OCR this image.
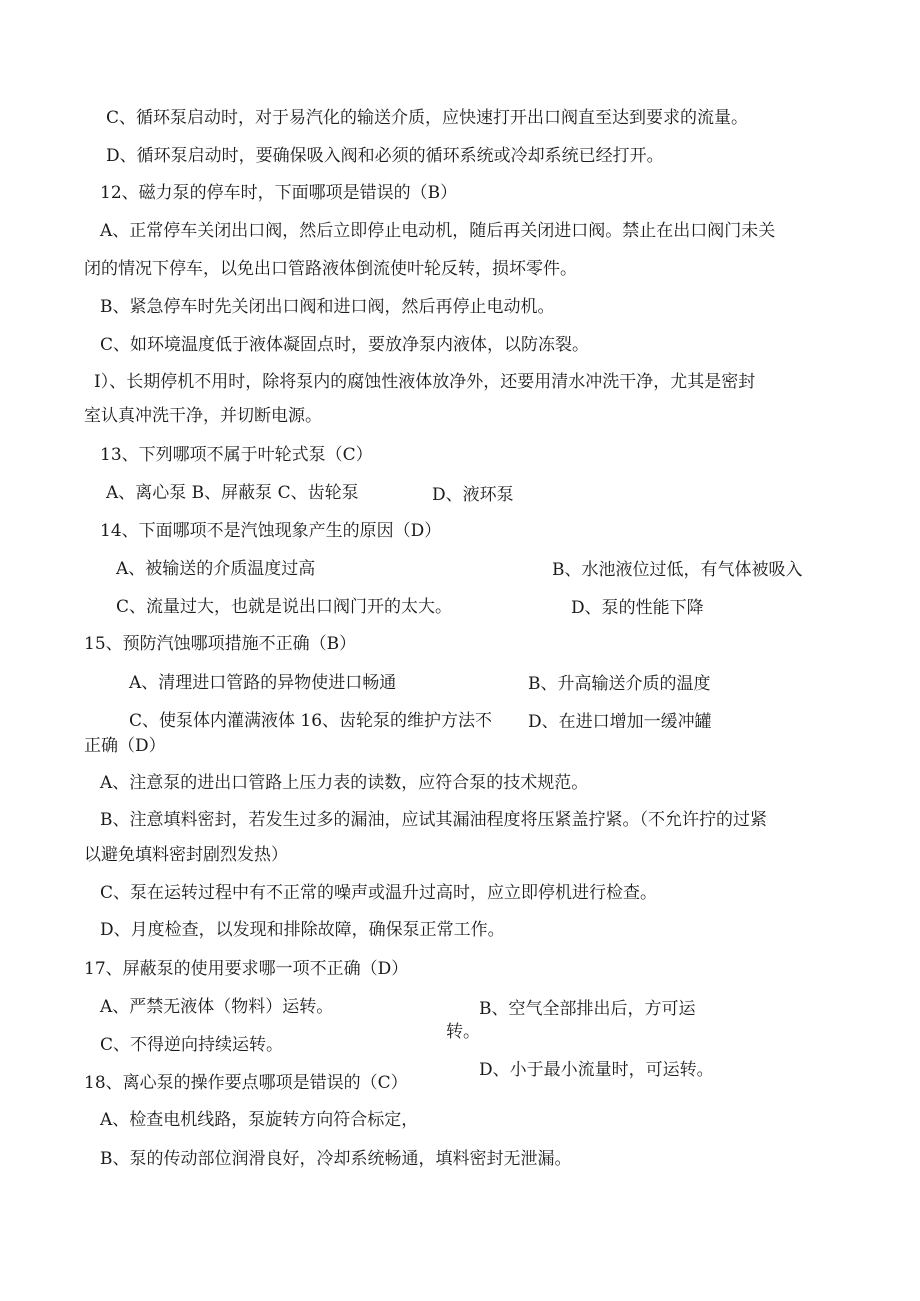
C、循环泵启动时，对于易汽化的输送介质，应快速打开出口阀直至达到要求的流量。
D、循环泵启动时，要确保吸入阀和必须的循环系统或冷却系统已经打开。
12、磁力泵的停车时，下面哪项是错误的（B）
A、正常停车关闭出口阀，然后立即停止电动机，随后再关闭进口阀。禁止在出口阀门未关
闭的情况下停车，以免出口管路液体倒流使叶轮反转，损坏零件。
B、紧急停车时先关闭出口阀和进口阀，然后再停止电动机。
C、如环境温度低于液体凝固点时，要放净泵内液体，以防冻裂。
I）、长期停机不用时，除将泵内的腐蚀性液体放净外，还要用清水冲洗干净，尤其是密封
室认真冲洗干净，并切断电源。
13、下列哪项不属于叶轮式泵（C）
A、离心泵 B、屏蔽泵 C、齿轮泵	D、液环泵
14、下面哪项不是汽蚀现象产生的原因（D）
A、被输送的介质温度过高	B、水池液位过低，有气体被吸入
C、流量过大，也就是说出口阀门开的太大。	D、泵的性能下降
15、预防汽蚀哪项措施不正确（B）
A、清理进口管路的异物使进口畅通	B、升高输送介质的温度
C、使泵体内灌满液体 16、齿轮泵的维护方法不 D、在进口增加一缓冲罐
正确（D）
A、注意泵的进出口管路上压力表的读数，应符合泵的技术规范。
B、注意填料密封，若发生过多的漏油，应试其漏油程度将压紧盖拧紧。（不允许拧的过紧
以避免填料密封剧烈发热）
C、泵在运转过程中有不正常的噪声或温升过高时，应立即停机进行检查。
D、月度检查，以发现和排除故障，确保泵正常工作。
17、屏蔽泵的使用要求哪一项不正确（D）
A、严禁无液体（物料）运转。	B、空气全部排出后，方可运
转。
C、不得逆向持续运转。
D、小于最小流量时，可运转。
18、离心泵的操作要点哪项是错误的（C）
A、检查电机线路，泵旋转方向符合标定，
B、泵的传动部位润滑良好，冷却系统畅通，填料密封无泄漏。
